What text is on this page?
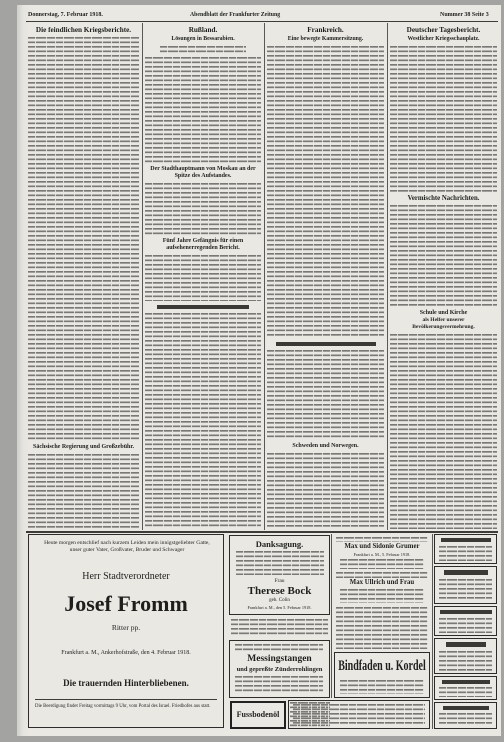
Donnerstag, 7. Februar 1918.	Abendblatt der Frankfurter Zeitung	Nummer 38 Seite 3
Die feindlichen Kriegsberichte.
Sächsische Regierung und Großzebühr.
Rußland.
Lösungen in Bessarabien.
Der Stadthauptmann von Moskau an der Spitze des Aufstandes.
Fünf Jahre Gefängnis für einen aufsehenerregenden Bericht.
Frankreich.
Eine bewegte Kammersitzung.
Schweden und Norwegen.
Deutscher Tagesbericht.
Westlicher Kriegsschauplatz.
Vermischte Nachrichten.
Schule und Kirche
als Helfer unserer Bevölkerungsvermehrung.
Heute morgen entschlief nach kurzem Leiden mein innigstgeliebter Gatte, unser guter Vater, Großvater, Bruder und Schwager
Herr Stadtverordneter
Josef Fromm
Ritter pp.
Frankfurt a. M., Ankerhofstraße, den 4. Februar 1918.
Die trauernden Hinterbliebenen.
Die Beerdigung findet Freitag vormittags 9 Uhr, vom Portal des Israel. Friedhofes aus statt.
Danksagung.
Frau
Therese Bock
geb. Colin
Frankfurt a. M., den 5. Februar 1918.
Messingstangen
und gepreßte Zünderrohlingen
Fussbodenöl
Max und Sidonie Grumer
Frankfurt a. M., 5. Februar 1918.
Max Ullrich und Frau
Bindfaden u. Kordel
